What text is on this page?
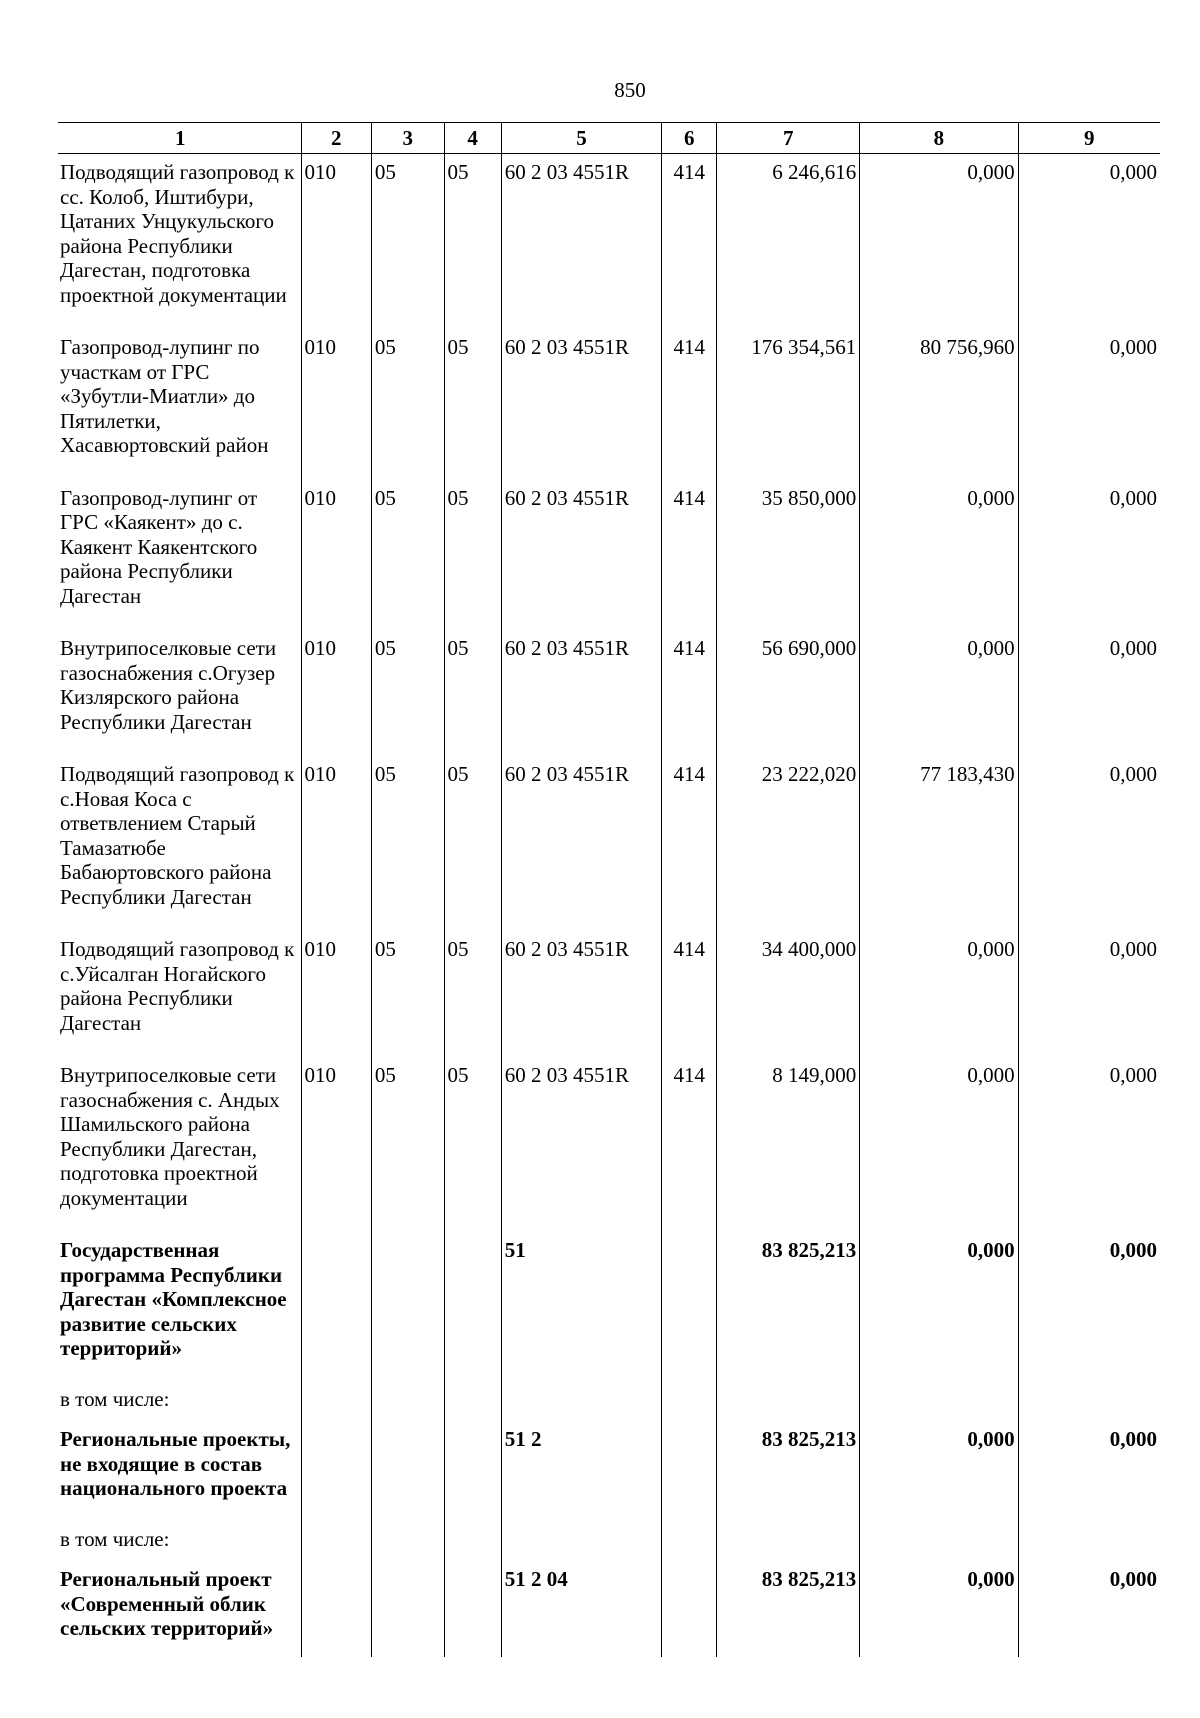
850
1	2	3	4	5	6	7	8	9
Подводящий газопровод к сс. Колоб, Иштибури, Цатаних Унцукульского района Республики Дагестан, подготовка проектной документации	010	05	05	60 2 03 4551R	414	6 246,616	0,000	0,000
Газопровод-лупинг по участкам от ГРС «Зубутли-Миатли» до Пятилетки, Хасавюртовский район	010	05	05	60 2 03 4551R	414	176 354,561	80 756,960	0,000
Газопровод-лупинг от ГРС «Каякент» до с. Каякент Каякентского района Республики Дагестан	010	05	05	60 2 03 4551R	414	35 850,000	0,000	0,000
Внутрипоселковые сети газоснабжения с.Огузер Кизлярского района Республики Дагестан	010	05	05	60 2 03 4551R	414	56 690,000	0,000	0,000
Подводящий газопровод к с.Новая Коса с ответвлением Старый Тамазатюбе Бабаюртовского района Республики Дагестан	010	05	05	60 2 03 4551R	414	23 222,020	77 183,430	0,000
Подводящий газопровод к с.Уйсалган Ногайского района Республики Дагестан	010	05	05	60 2 03 4551R	414	34 400,000	0,000	0,000
Внутрипоселковые сети газоснабжения с. Андых Шамильского района Республики Дагестан, подготовка проектной документации	010	05	05	60 2 03 4551R	414	8 149,000	0,000	0,000
Государственная программа Республики Дагестан «Комплексное развитие сельских территорий»				51		83 825,213	0,000	0,000
в том числе:								
Региональные проекты, не входящие в состав национального проекта				51 2		83 825,213	0,000	0,000
в том числе:								
Региональный проект «Современный облик сельских территорий»				51 2 04		83 825,213	0,000	0,000
